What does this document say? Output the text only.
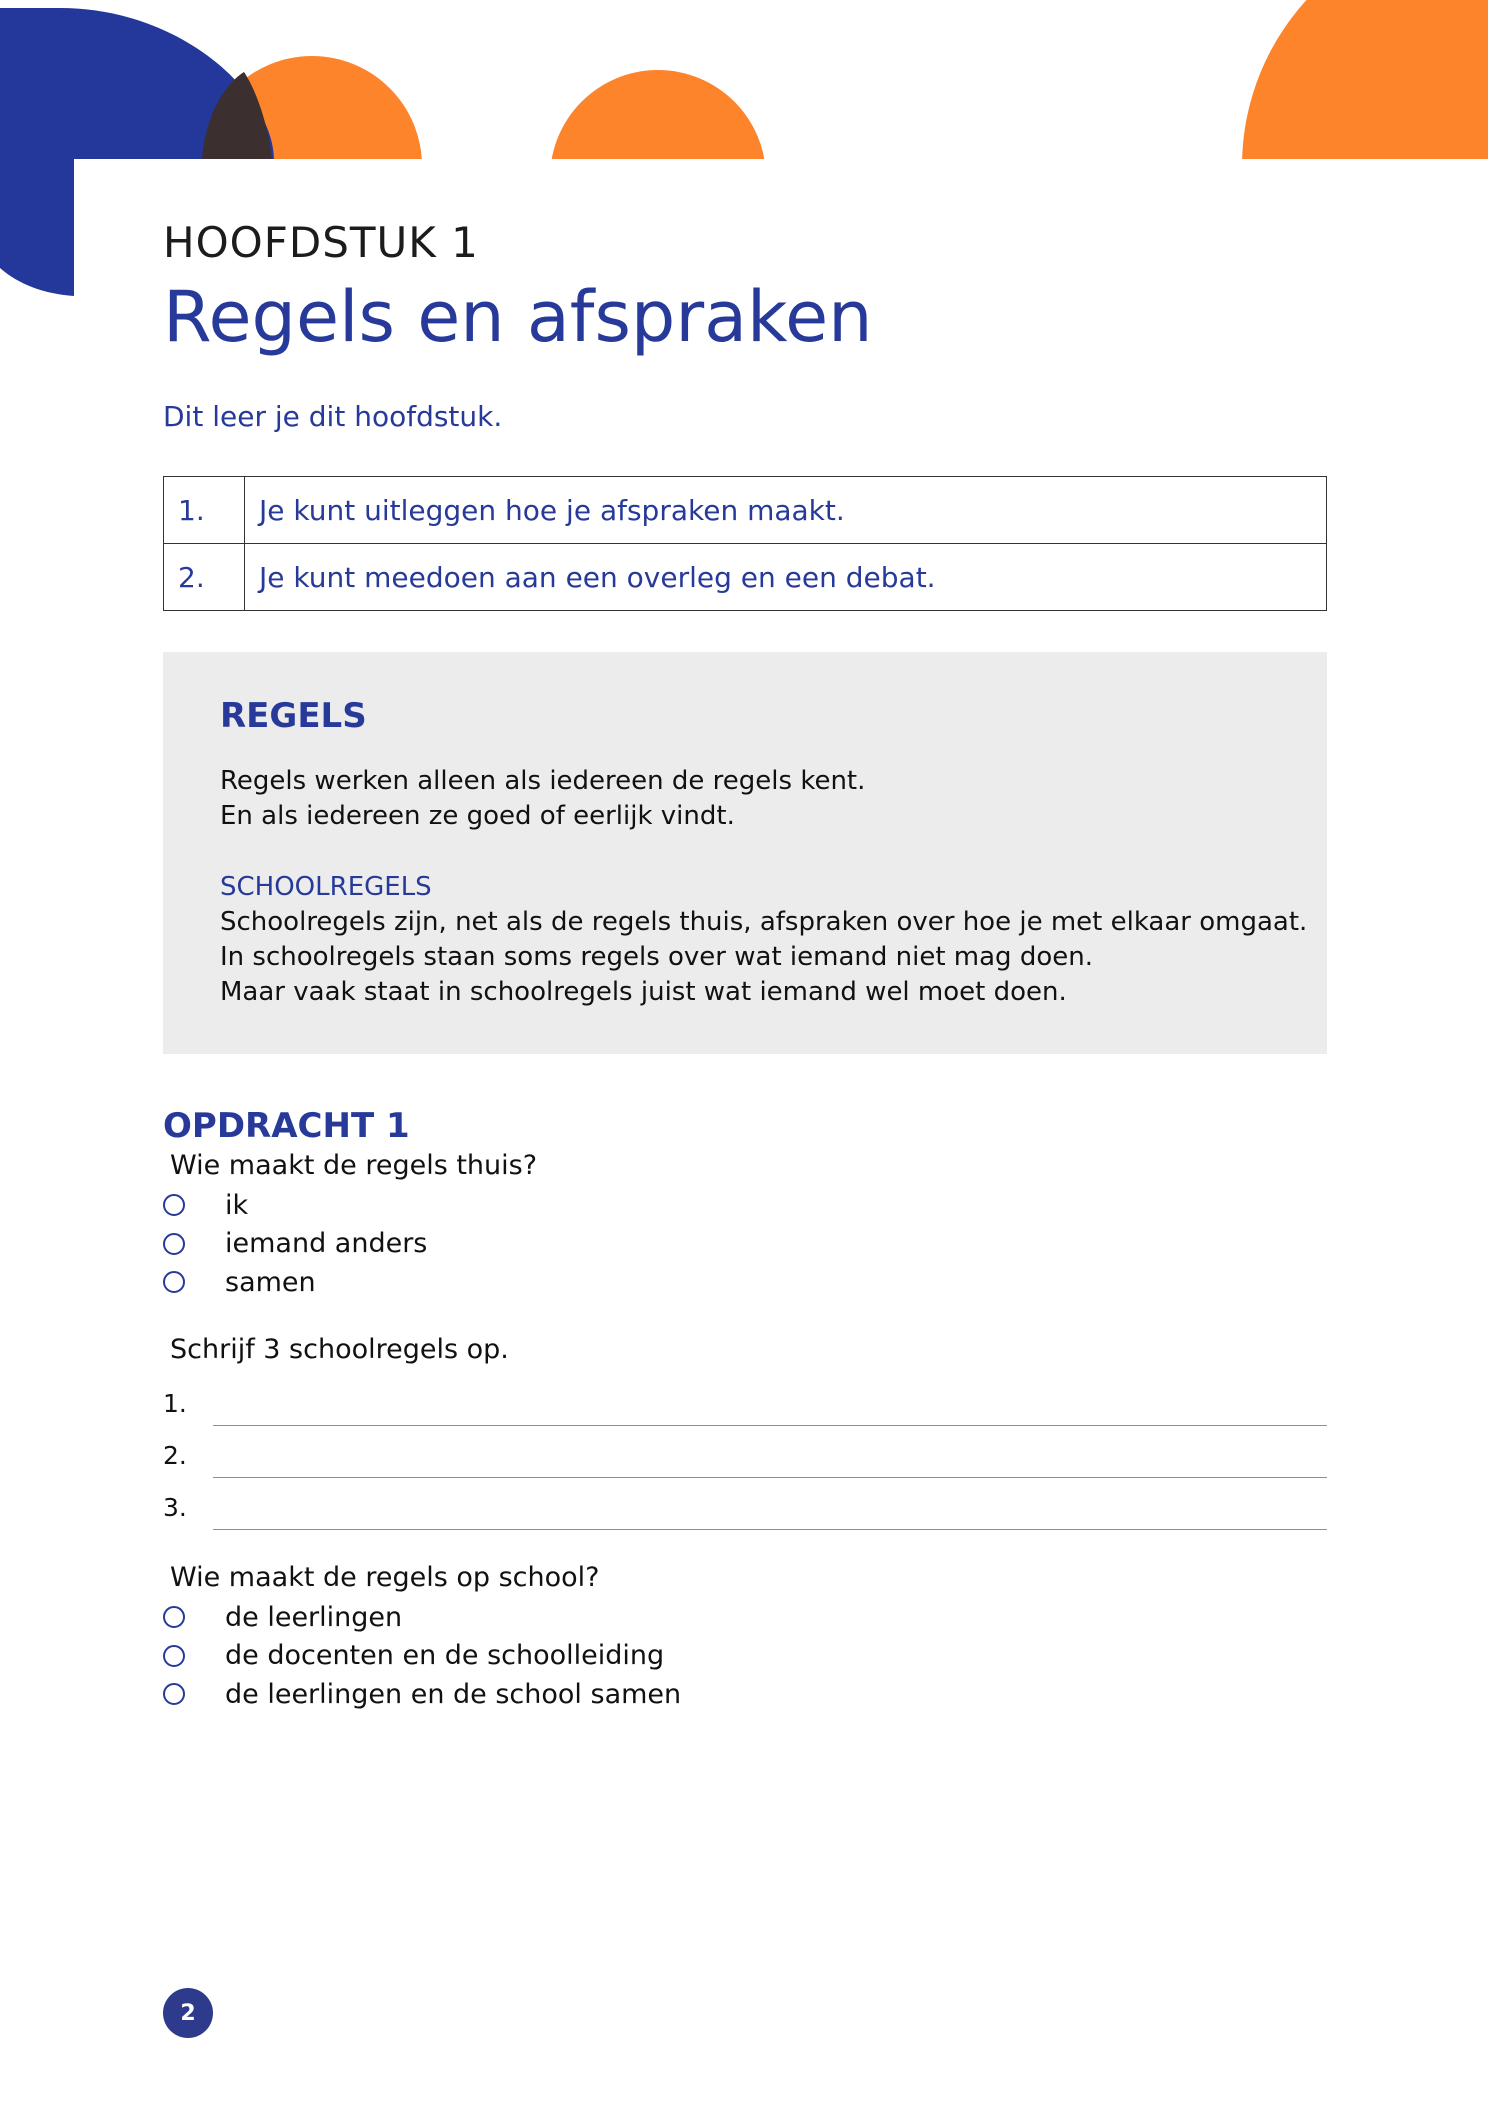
HOOFDSTUK 1
Regels en afspraken
Dit leer je dit hoofdstuk.
1.	Je kunt uitleggen hoe je afspraken maakt.
2.	Je kunt meedoen aan een overleg en een debat.
REGELS
Regels werken alleen als iedereen de regels kent.
En als iedereen ze goed of eerlijk vindt.
SCHOOLREGELS
Schoolregels zijn, net als de regels thuis, afspraken over hoe je met elkaar omgaat.
In schoolregels staan soms regels over wat iemand niet mag doen.
Maar vaak staat in schoolregels juist wat iemand wel moet doen.
OPDRACHT 1
Wie maakt de regels thuis?
ik
iemand anders
samen
Schrijf 3 schoolregels op.
1.
2.
3.
Wie maakt de regels op school?
de leerlingen
de docenten en de schoolleiding
de leerlingen en de school samen
2
